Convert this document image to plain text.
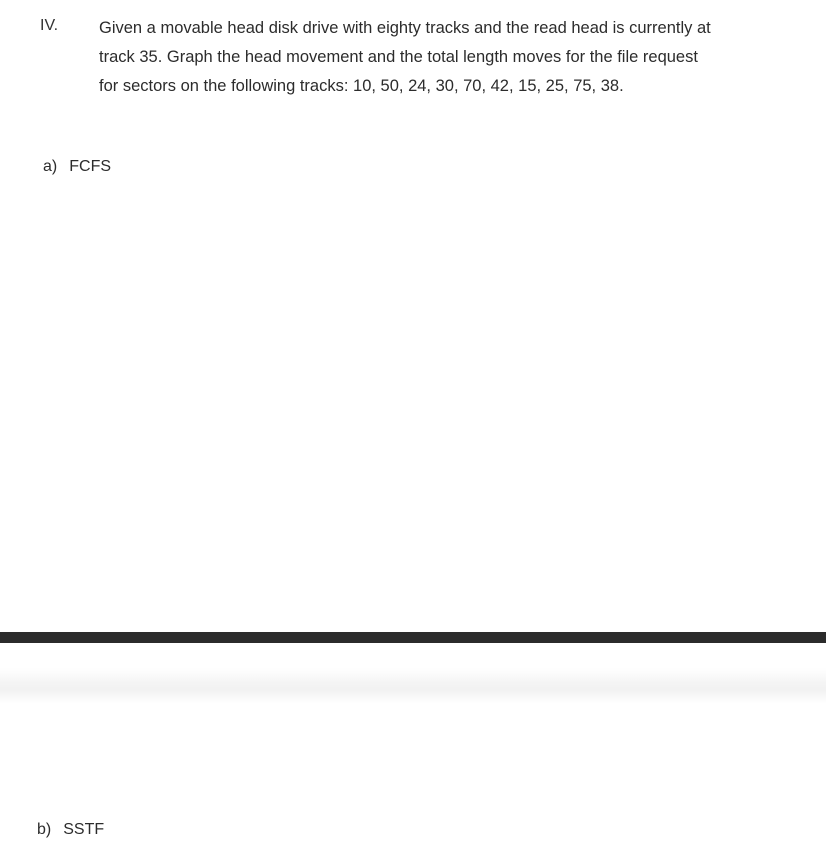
IV. Given a movable head disk drive with eighty tracks and the read head is currently at
track 35. Graph the head movement and the total length moves for the file request
for sectors on the following tracks: 10, 50, 24, 30, 70, 42, 15, 25, 75, 38.
a) FCFS
b) SSTF
